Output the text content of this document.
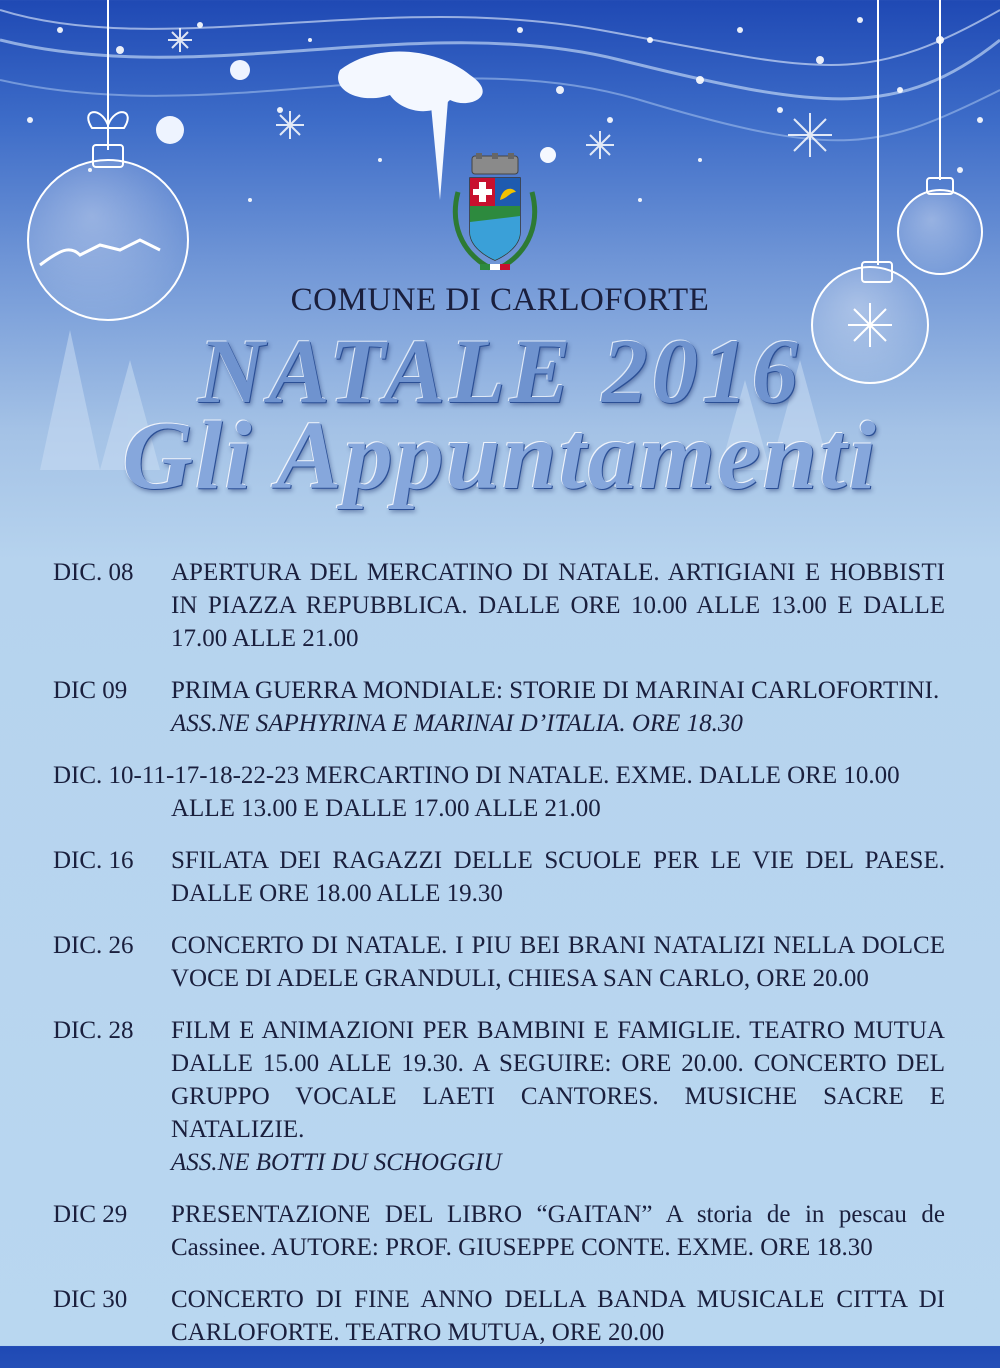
COMUNE DI CARLOFORTE
NATALE 2016
Gli Appuntamenti
DIC. 08	APERTURA DEL MERCATINO DI NATALE. ARTIGIANI E HOBBISTI IN PIAZZA REPUBBLICA. DALLE ORE 10.00 ALLE 13.00 E DALLE 17.00 ALLE 21.00
DIC 09	PRIMA GUERRA MONDIALE: STORIE DI MARINAI CARLOFORTINI.
ASS.NE SAPHYRINA E MARINAI D’ITALIA. ORE 18.30
DIC. 10-11-17-18-22-23 MERCARTINO DI NATALE. EXME. DALLE ORE 10.00
ALLE 13.00 E DALLE 17.00 ALLE 21.00
DIC. 16	SFILATA DEI RAGAZZI DELLE SCUOLE PER LE VIE DEL PAESE. DALLE ORE 18.00 ALLE 19.30
DIC. 26	CONCERTO DI NATALE. I PIU BEI BRANI NATALIZI NELLA DOLCE VOCE DI ADELE GRANDULI, CHIESA SAN CARLO, ORE 20.00
DIC. 28	FILM E ANIMAZIONI PER BAMBINI E FAMIGLIE. TEATRO MUTUA DALLE 15.00 ALLE 19.30. A SEGUIRE: ORE 20.00. CONCERTO DEL GRUPPO VOCALE LAETI CANTORES. MUSICHE SACRE E NATALIZIE.
ASS.NE BOTTI DU SCHOGGIU
DIC 29	PRESENTAZIONE DEL LIBRO “GAITAN” A storia de in pescau de Cassinee. AUTORE: PROF. GIUSEPPE CONTE. EXME. ORE 18.30
DIC 30	CONCERTO DI FINE ANNO DELLA BANDA MUSICALE CITTA DI CARLOFORTE. TEATRO MUTUA, ORE 20.00
